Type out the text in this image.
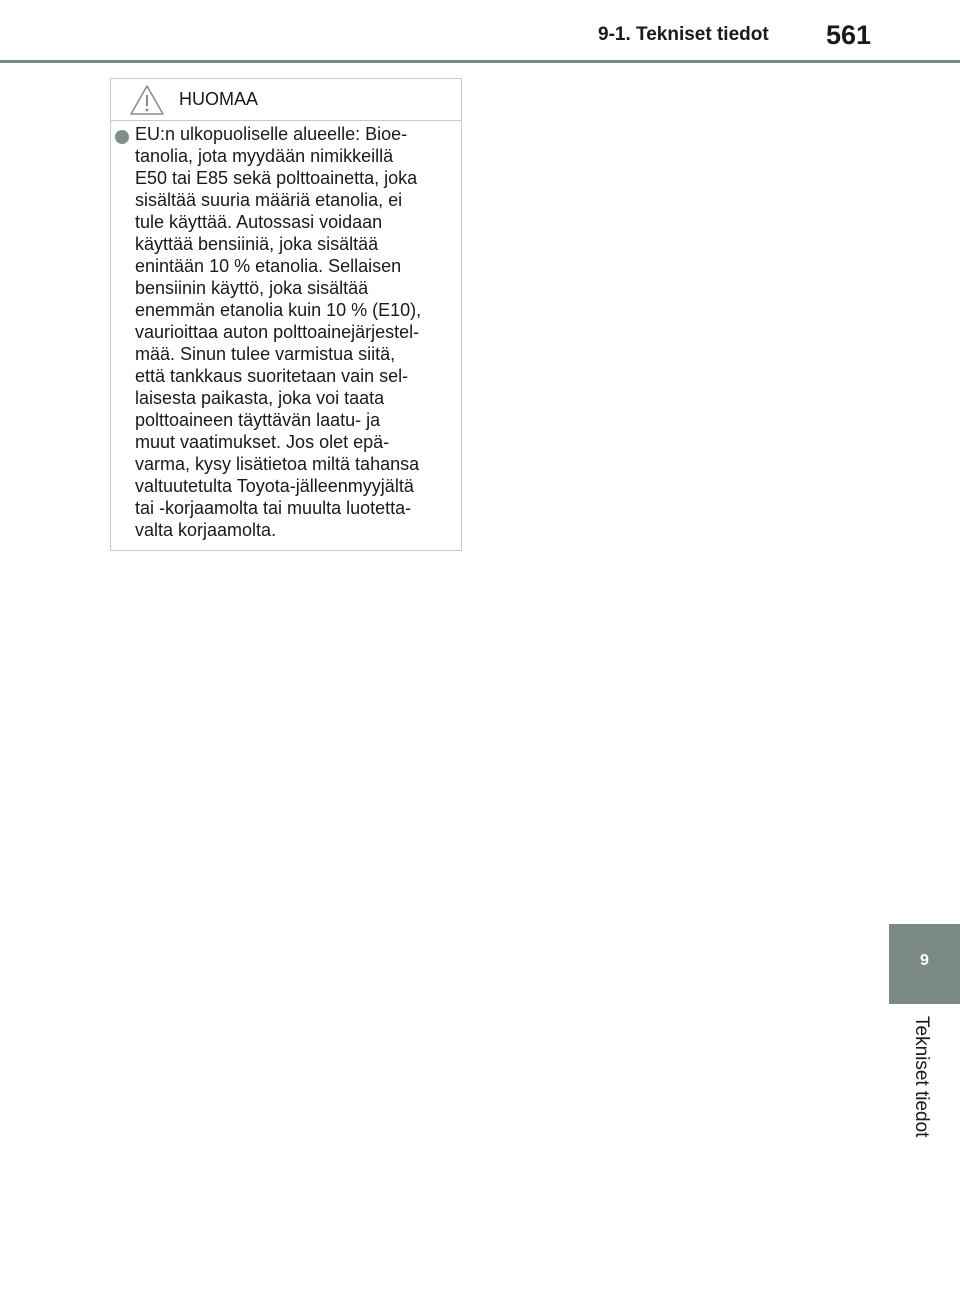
9-1. Tekniset tiedot 561
HUOMAA

EU:n ulkopuoliselle alueelle: Bioe-
tanolia, jota myydään nimikkeillä
E50 tai E85 sekä polttoainetta, joka
sisältää suuria määriä etanolia, ei
tule käyttää. Autossasi voidaan
käyttää bensiiniä, joka sisältää
enintään 10 % etanolia. Sellaisen
bensiinin käyttö, joka sisältää
enemmän etanolia kuin 10 % (E10),
vaurioittaa auton polttoainejärjestel-
mää. Sinun tulee varmistua siitä,
että tankkaus suoritetaan vain sel-
laisesta paikasta, joka voi taata
polttoaineen täyttävän laatu- ja
muut vaatimukset. Jos olet epä-
varma, kysy lisätietoa miltä tahansa
valtuutetulta Toyota-jälleenmyyjältä
tai -korjaamolta tai muulta luotetta-
valta korjaamolta.

9
Tekniset tiedot
